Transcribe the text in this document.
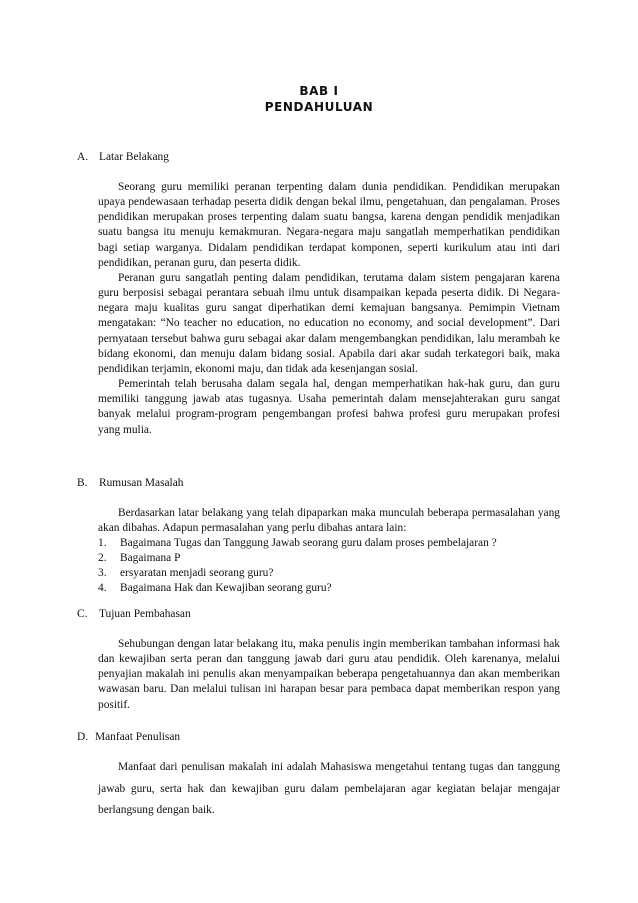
BAB I
PENDAHULUAN
A. Latar Belakang

Seorang guru memiliki peranan terpenting dalam dunia pendidikan. Pendidikan merupakan upaya pendewasaan terhadap peserta didik dengan bekal ilmu, pengetahuan, dan pengalaman. Proses pendidikan merupakan proses terpenting dalam suatu bangsa, karena dengan pendidik menjadikan suatu bangsa itu menuju kemakmuran. Negara-negara maju sangatlah memperhatikan pendidikan bagi setiap warganya. Didalam pendidikan terdapat komponen, seperti kurikulum atau inti dari pendidikan, peranan guru, dan peserta didik.

Peranan guru sangatlah penting dalam pendidikan, terutama dalam sistem pengajaran karena guru berposisi sebagai perantara sebuah ilmu untuk disampaikan kepada peserta didik. Di Negara-negara maju kualitas guru sangat diperhatikan demi kemajuan bangsanya. Pemimpin Vietnam mengatakan: “No teacher no education, no education no economy, and social development”. Dari pernyataan tersebut bahwa guru sebagai akar dalam mengembangkan pendidikan, lalu merambah ke bidang ekonomi, dan menuju dalam bidang sosial. Apabila dari akar sudah terkategori baik, maka pendidikan terjamin, ekonomi maju, dan tidak ada kesenjangan sosial.

Pemerintah telah berusaha dalam segala hal, dengan memperhatikan hak-hak guru, dan guru memiliki tanggung jawab atas tugasnya. Usaha pemerintah dalam mensejahterakan guru sangat banyak melalui program-program pengembangan profesi bahwa profesi guru merupakan profesi yang mulia.

B. Rumusan Masalah

Berdasarkan latar belakang yang telah dipaparkan maka munculah beberapa permasalahan yang akan dibahas. Adapun permasalahan yang perlu dibahas antara lain:

1.	Bagaimana Tugas dan Tanggung Jawab seorang guru dalam proses pembelajaran ?
2.	Bagaimana P
3.	ersyaratan menjadi seorang guru?
4.	Bagaimana Hak dan Kewajiban seorang guru?
C. Tujuan Pembahasan

Sehubungan dengan latar belakang itu, maka penulis ingin memberikan tambahan informasi hak dan kewajiban serta peran dan tanggung jawab dari guru atau pendidik. Oleh karenanya, melalui penyajian makalah ini penulis akan menyampaikan beberapa pengetahuannya dan akan memberikan wawasan baru. Dan melalui tulisan ini harapan besar para pembaca dapat memberikan respon yang positif.

D. Manfaat Penulisan

Manfaat dari penulisan makalah ini adalah Mahasiswa mengetahui tentang tugas dan tanggung jawab guru, serta hak dan kewajiban guru dalam pembelajaran agar kegiatan belajar mengajar berlangsung dengan baik.
